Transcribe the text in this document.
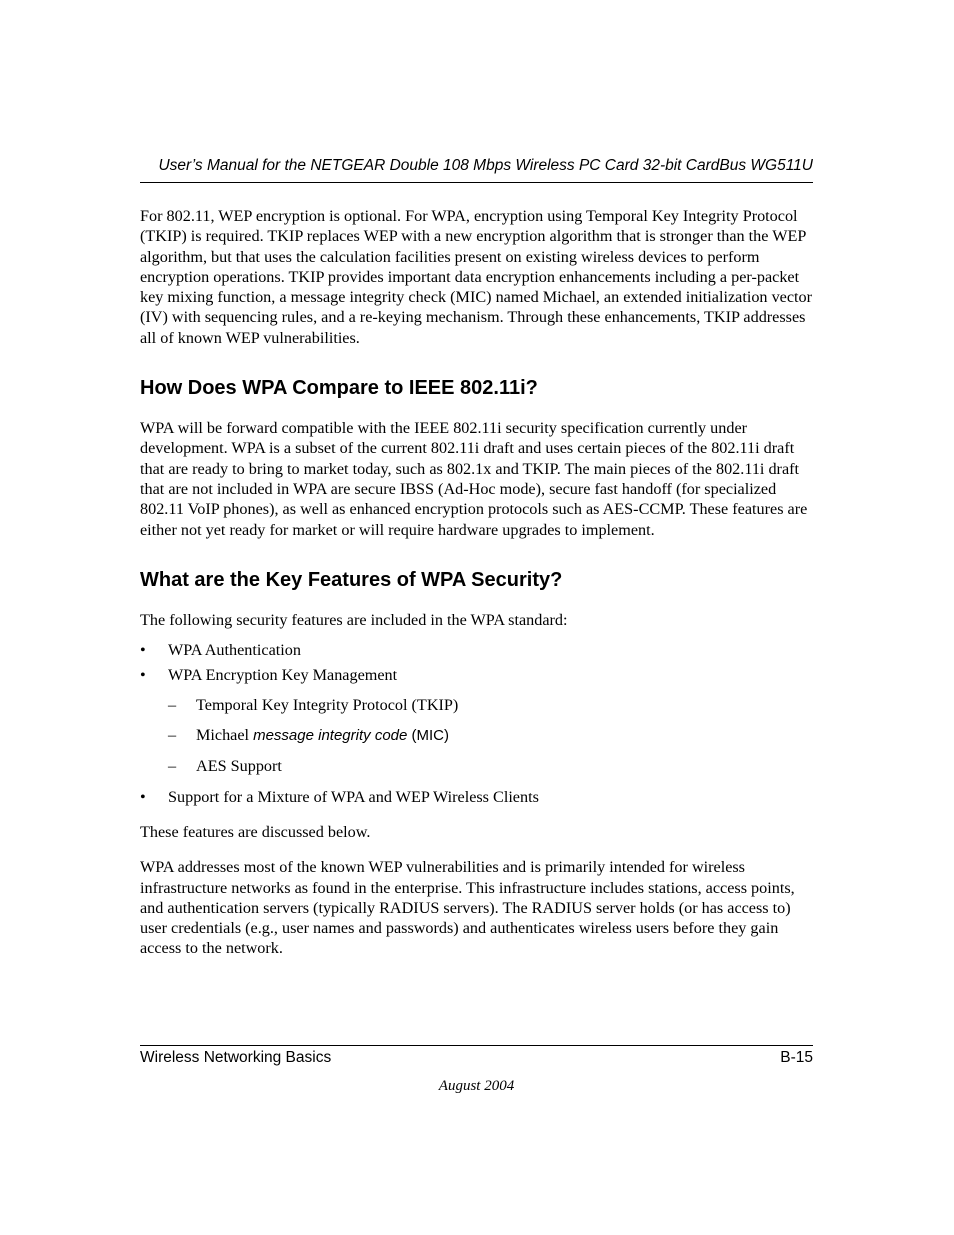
User’s Manual for the NETGEAR Double 108 Mbps Wireless PC Card 32-bit CardBus WG511U

For 802.11, WEP encryption is optional. For WPA, encryption using Temporal Key Integrity Protocol (TKIP) is required. TKIP replaces WEP with a new encryption algorithm that is stronger than the WEP algorithm, but that uses the calculation facilities present on existing wireless devices to perform encryption operations. TKIP provides important data encryption enhancements including a per-packet key mixing function, a message integrity check (MIC) named Michael, an extended initialization vector (IV) with sequencing rules, and a re-keying mechanism. Through these enhancements, TKIP addresses all of known WEP vulnerabilities.

How Does WPA Compare to IEEE 802.11i?

WPA will be forward compatible with the IEEE 802.11i security specification currently under development. WPA is a subset of the current 802.11i draft and uses certain pieces of the 802.11i draft that are ready to bring to market today, such as 802.1x and TKIP. The main pieces of the 802.11i draft that are not included in WPA are secure IBSS (Ad-Hoc mode), secure fast handoff (for specialized 802.11 VoIP phones), as well as enhanced encryption protocols such as AES-CCMP. These features are either not yet ready for market or will require hardware upgrades to implement.

What are the Key Features of WPA Security?

The following security features are included in the WPA standard:

• WPA Authentication
• WPA Encryption Key Management
– Temporal Key Integrity Protocol (TKIP)
– Michael message integrity code (MIC)
– AES Support
• Support for a Mixture of WPA and WEP Wireless Clients

These features are discussed below.

WPA addresses most of the known WEP vulnerabilities and is primarily intended for wireless infrastructure networks as found in the enterprise. This infrastructure includes stations, access points, and authentication servers (typically RADIUS servers). The RADIUS server holds (or has access to) user credentials (e.g., user names and passwords) and authenticates wireless users before they gain access to the network.

Wireless Networking Basics	B-15
August 2004
